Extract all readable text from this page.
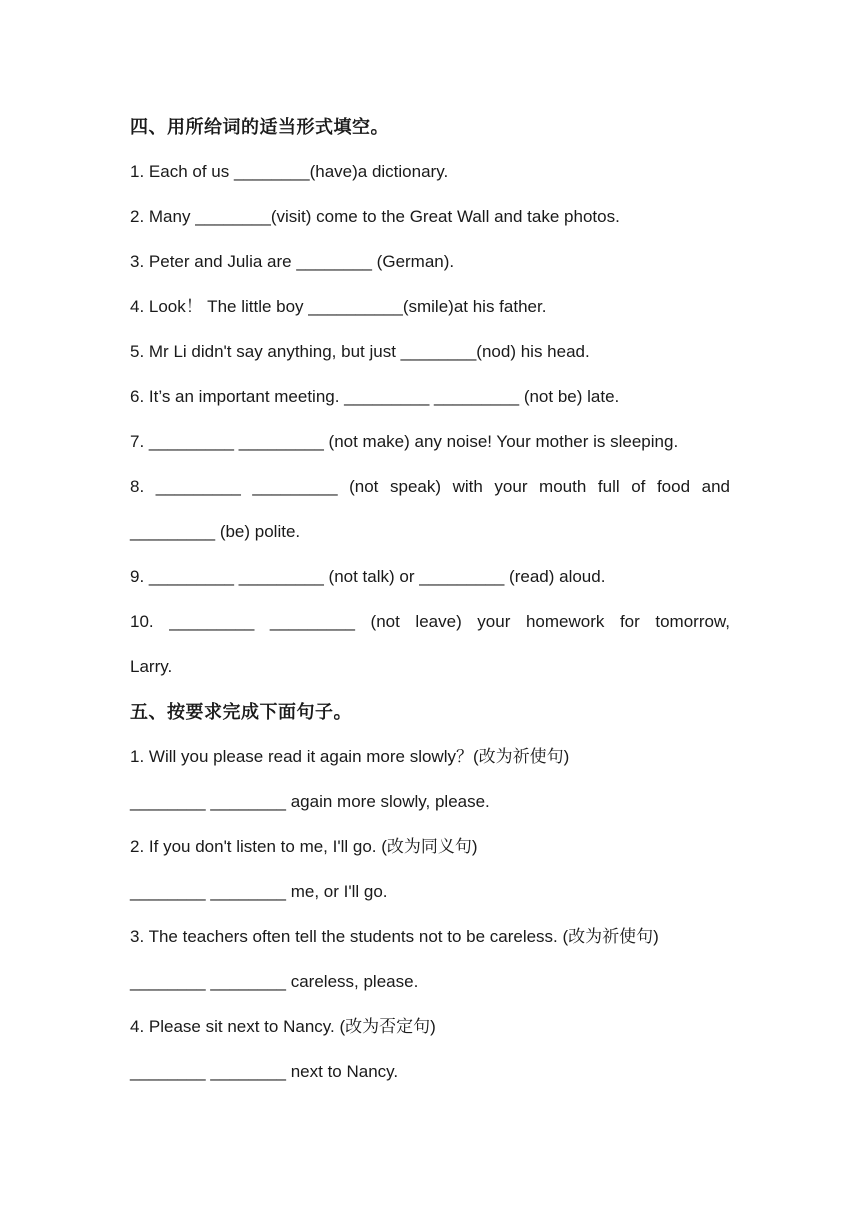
四、用所给词的适当形式填空。
1. Each of us ________(have)a dictionary.
2. Many ________(visit) come to the Great Wall and take photos.
3. Peter and Julia are ________ (German).
4. Look！ The little boy __________(smile)at his father.
5. Mr Li didn't say anything, but just ________(nod) his head.
6. It’s an important meeting. _________ _________ (not be) late.
7. _________ _________ (not make) any noise! Your mother is sleeping.
8. _________ _________ (not speak) with your mouth full of food and
_________ (be) polite.
9. _________ _________ (not talk) or _________ (read) aloud.
10. _________ _________ (not leave) your homework for tomorrow,
Larry.
五、按要求完成下面句子。
1. Will you please read it again more slowly？(改为祈使句)
________ ________ again more slowly, please.
2. If you don't listen to me, I'll go. (改为同义句)
________ ________ me, or I'll go.
3. The teachers often tell the students not to be careless. (改为祈使句)
________ ________ careless, please.
4. Please sit next to Nancy. (改为否定句)
________ ________ next to Nancy.
